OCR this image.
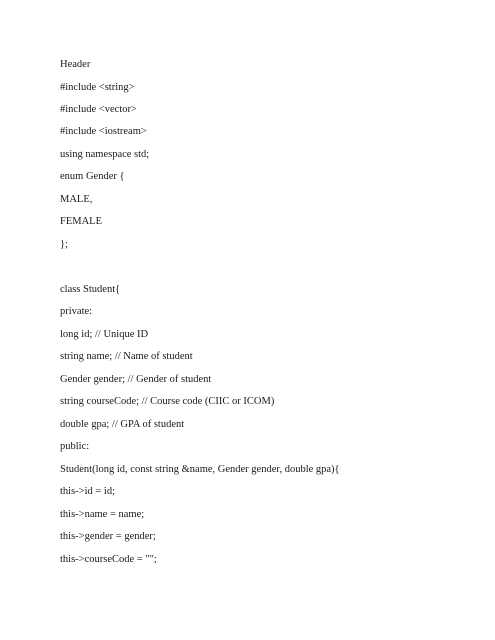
Header

#include <string>

#include <vector>

#include <iostream>

using namespace std;

enum Gender {

MALE,

FEMALE

};

class Student{

private:

long id; // Unique ID

string name; // Name of student

Gender gender; // Gender of student

string courseCode; // Course code (CIIC or ICOM)

double gpa; // GPA of student

public:

Student(long id, const string &name, Gender gender, double gpa){

this->id = id;

this->name = name;

this->gender = gender;

this->courseCode = "";
